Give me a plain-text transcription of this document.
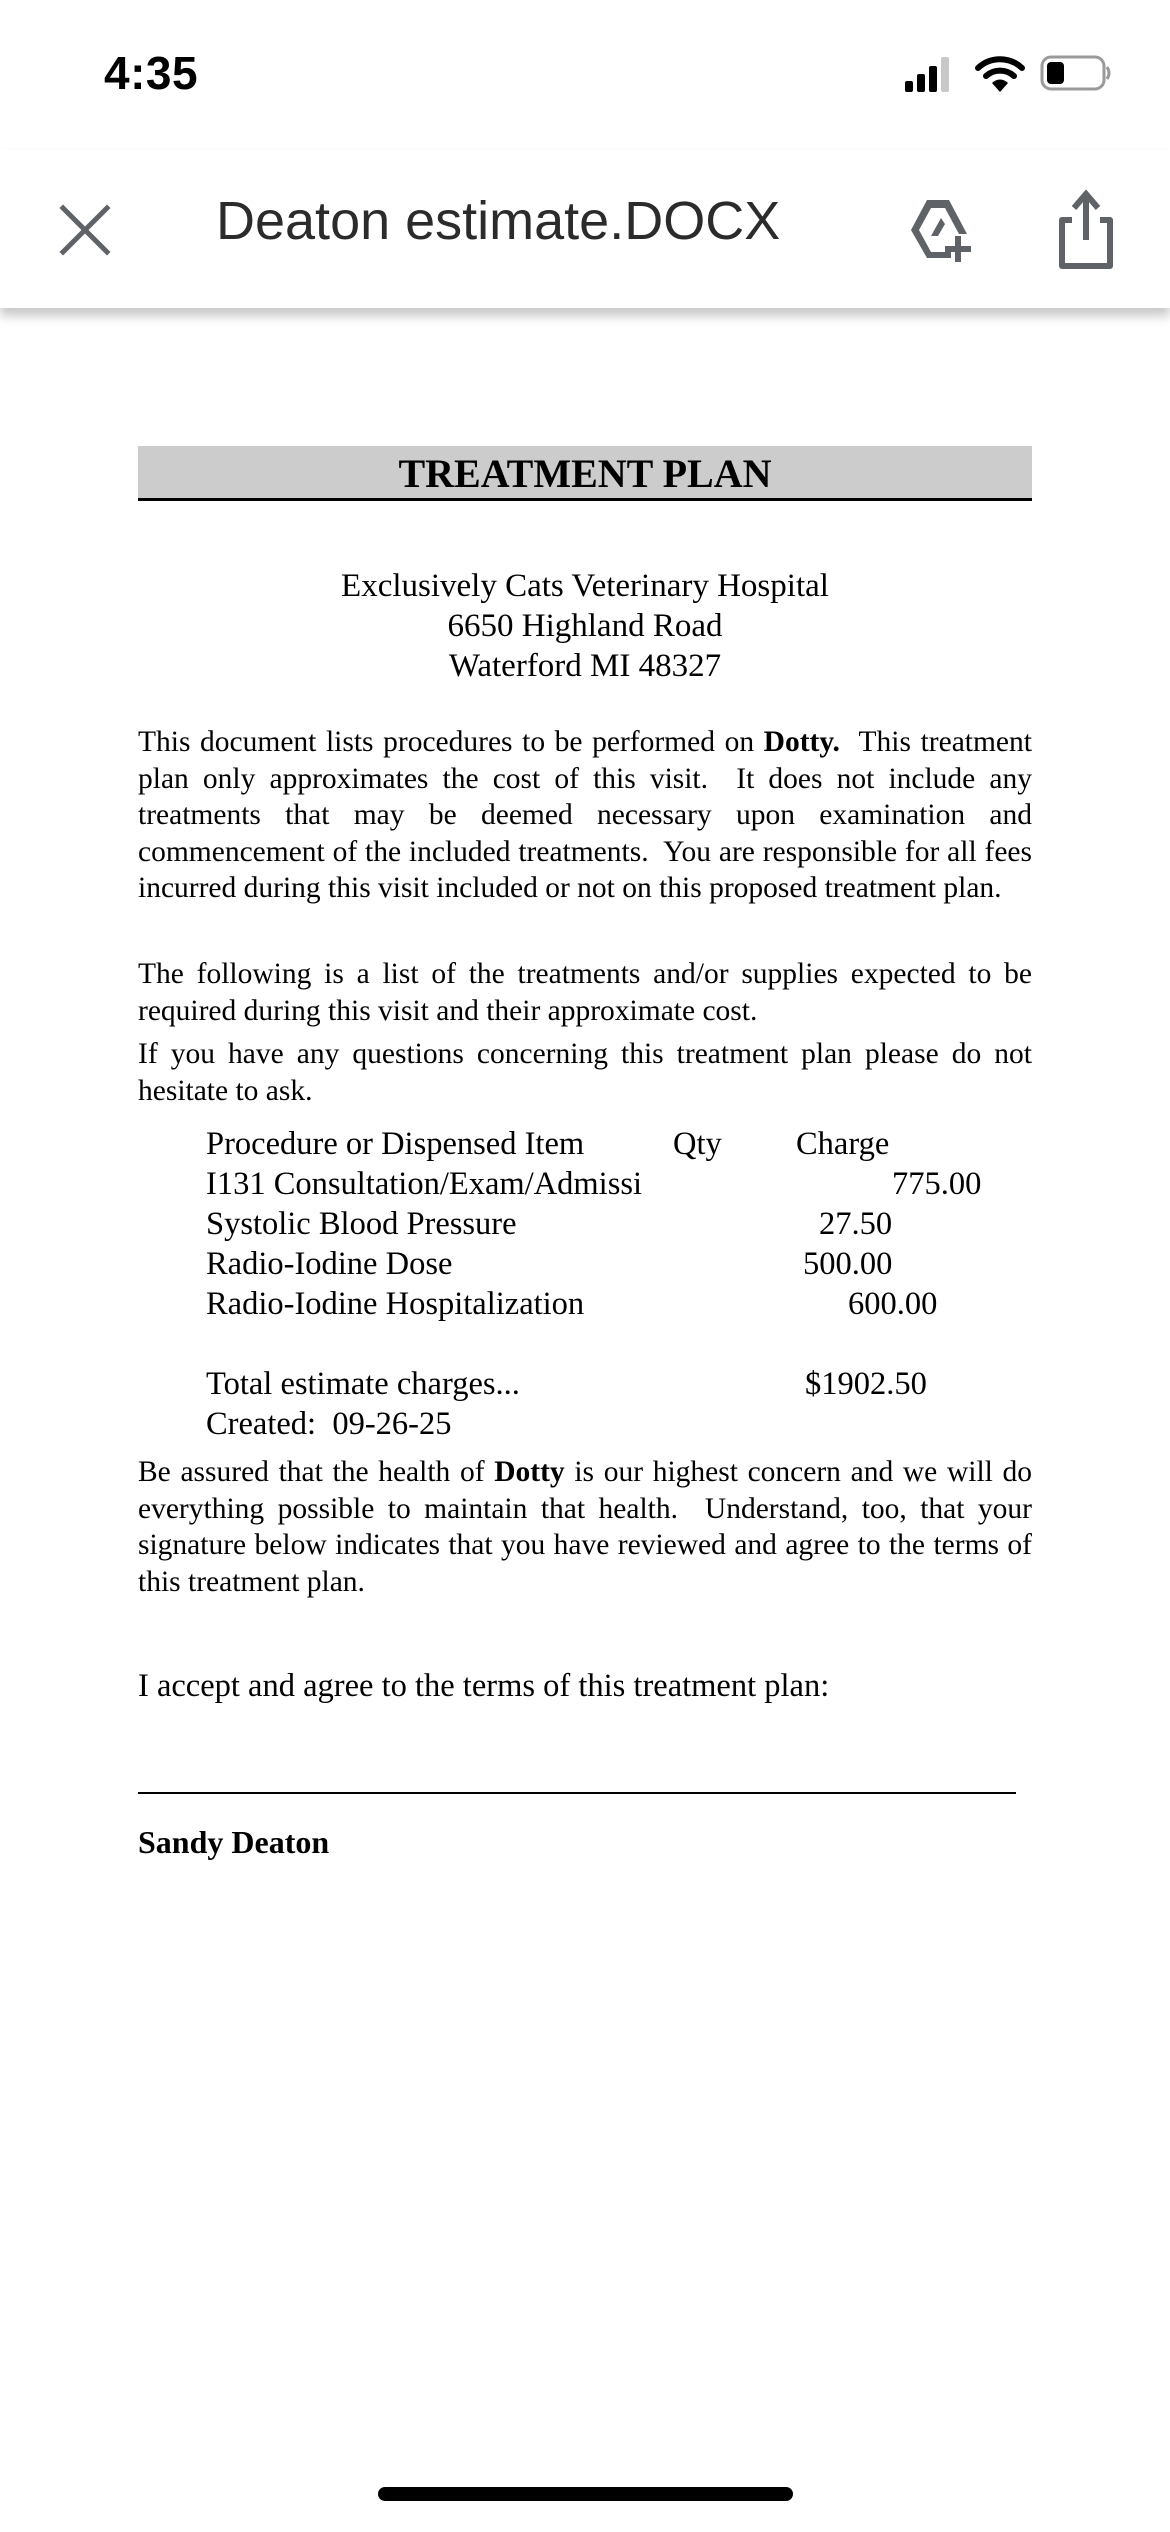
4:35
Deaton estimate.DOCX
TREATMENT PLAN
Exclusively Cats Veterinary Hospital
6650 Highland Road
Waterford MI 48327
This document lists procedures to be performed on Dotty.  This treatment plan only approximates the cost of this visit.  It does not include any treatments that may be deemed necessary upon examination and commencement of the included treatments.  You are responsible for all fees incurred during this visit included or not on this proposed treatment plan.
The following is a list of the treatments and/or supplies expected to be required during this visit and their approximate cost.
If you have any questions concerning this treatment plan please do not hesitate to ask.
Procedure or Dispensed Item	Qty Charge
I131 Consultation/Exam/Admissi	775.00
Systolic Blood Pressure	27.50
Radio-Iodine Dose	500.00
Radio-Iodine Hospitalization	600.00
Total estimate charges...	$1902.50
Created:  09-26-25
Be assured that the health of Dotty is our highest concern and we will do everything possible to maintain that health.  Understand, too, that your signature below indicates that you have reviewed and agree to the terms of this treatment plan.
I accept and agree to the terms of this treatment plan:
Sandy Deaton
